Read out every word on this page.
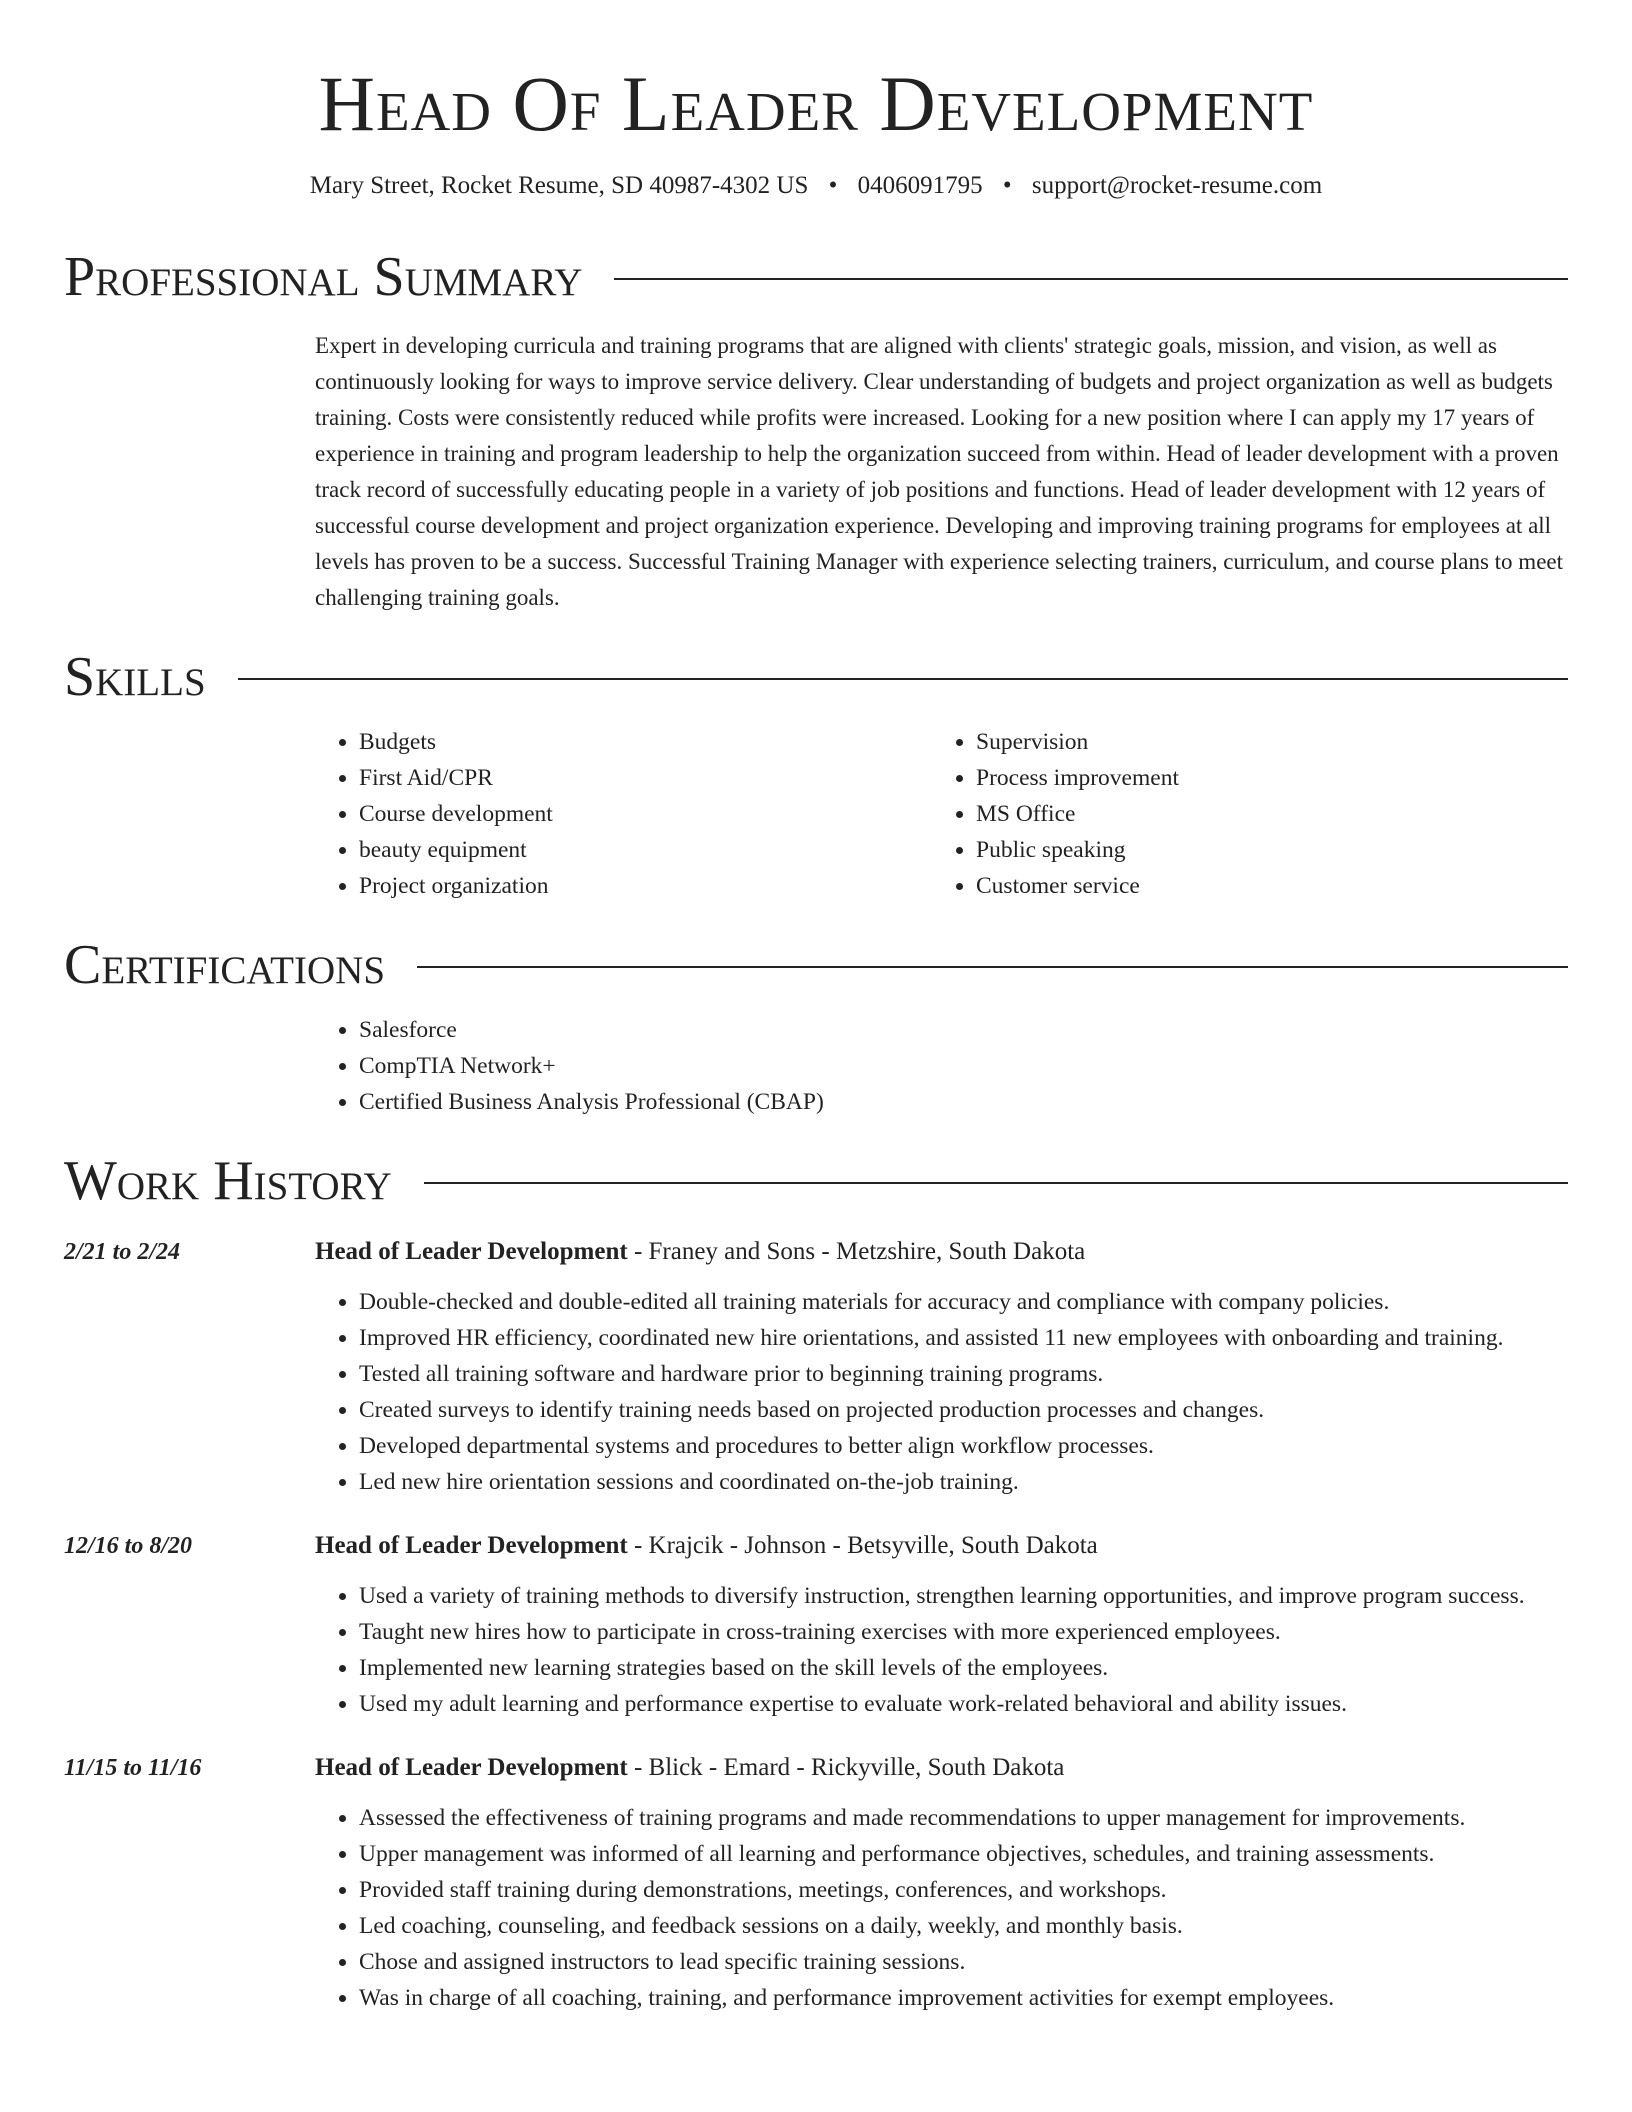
Head Of Leader Development
Mary Street, Rocket Resume, SD 40987-4302 US • 0406091795 • support@rocket-resume.com
Professional Summary
Expert in developing curricula and training programs that are aligned with clients' strategic goals, mission, and vision, as well as continuously looking for ways to improve service delivery. Clear understanding of budgets and project organization as well as budgets training. Costs were consistently reduced while profits were increased. Looking for a new position where I can apply my 17 years of experience in training and program leadership to help the organization succeed from within. Head of leader development with a proven track record of successfully educating people in a variety of job positions and functions. Head of leader development with 12 years of successful course development and project organization experience. Developing and improving training programs for employees at all levels has proven to be a success. Successful Training Manager with experience selecting trainers, curriculum, and course plans to meet challenging training goals.
Skills
• Budgets
• First Aid/CPR
• Course development
• beauty equipment
• Project organization
• Supervision
• Process improvement
• MS Office
• Public speaking
• Customer service
Certifications
• Salesforce
• CompTIA Network+
• Certified Business Analysis Professional (CBAP)
Work History
2/21 to 2/24	Head of Leader Development - Franey and Sons - Metzshire, South Dakota
• Double-checked and double-edited all training materials for accuracy and compliance with company policies.
• Improved HR efficiency, coordinated new hire orientations, and assisted 11 new employees with onboarding and training.
• Tested all training software and hardware prior to beginning training programs.
• Created surveys to identify training needs based on projected production processes and changes.
• Developed departmental systems and procedures to better align workflow processes.
• Led new hire orientation sessions and coordinated on-the-job training.
12/16 to 8/20	Head of Leader Development - Krajcik - Johnson - Betsyville, South Dakota
• Used a variety of training methods to diversify instruction, strengthen learning opportunities, and improve program success.
• Taught new hires how to participate in cross-training exercises with more experienced employees.
• Implemented new learning strategies based on the skill levels of the employees.
• Used my adult learning and performance expertise to evaluate work-related behavioral and ability issues.
11/15 to 11/16	Head of Leader Development - Blick - Emard - Rickyville, South Dakota
• Assessed the effectiveness of training programs and made recommendations to upper management for improvements.
• Upper management was informed of all learning and performance objectives, schedules, and training assessments.
• Provided staff training during demonstrations, meetings, conferences, and workshops.
• Led coaching, counseling, and feedback sessions on a daily, weekly, and monthly basis.
• Chose and assigned instructors to lead specific training sessions.
• Was in charge of all coaching, training, and performance improvement activities for exempt employees.
